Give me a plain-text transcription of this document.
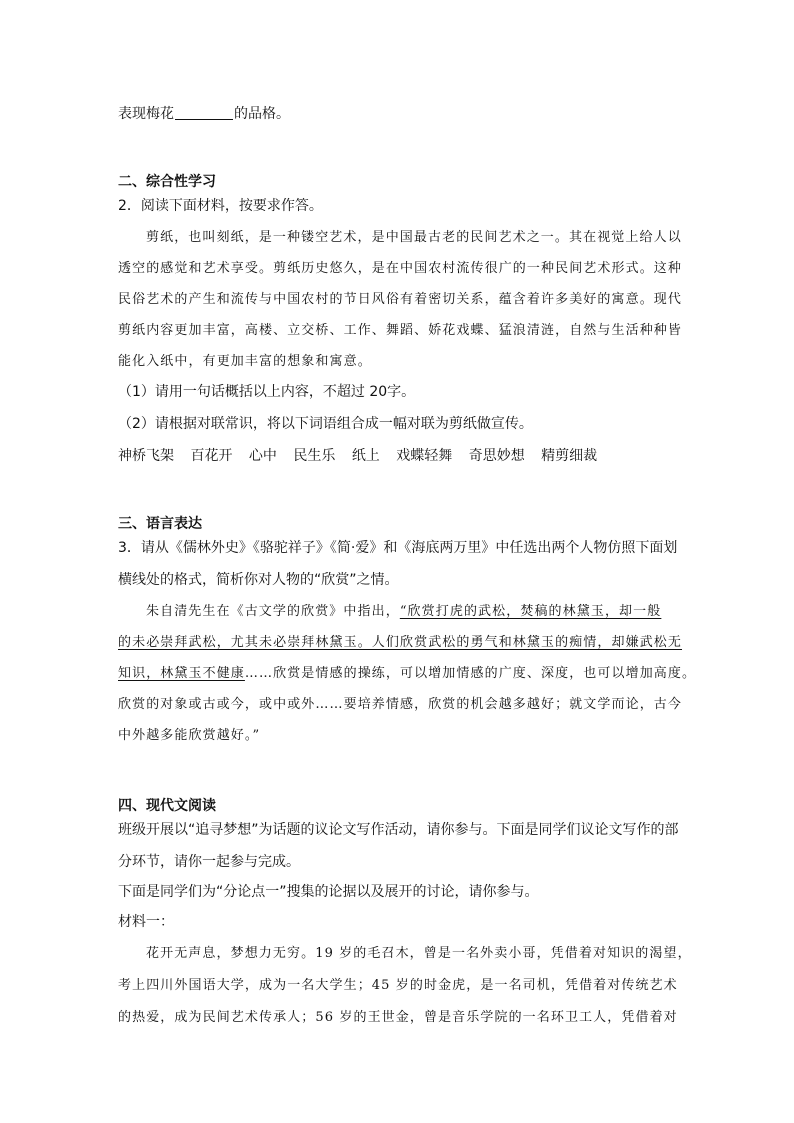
表现梅花	的品格。
二、综合性学习
2．阅读下面材料，按要求作答。
剪纸，也叫刻纸，是一种镂空艺术，是中国最古老的民间艺术之一。其在视觉上给人以
透空的感觉和艺术享受。剪纸历史悠久，是在中国农村流传很广的一种民间艺术形式。这种
民俗艺术的产生和流传与中国农村的节日风俗有着密切关系，蕴含着许多美好的寓意。现代
剪纸内容更加丰富，高楼、立交桥、工作、舞蹈、娇花戏蝶、猛浪清涟，自然与生活种种皆
能化入纸中，有更加丰富的想象和寓意。
（1）请用一句话概括以上内容，不超过 20字。
（2）请根据对联常识，将以下词语组合成一幅对联为剪纸做宣传。
神桥飞架 百花开 心中 民生乐 纸上 戏蝶轻舞 奇思妙想 精剪细裁
三、语言表达
3．请从《儒林外史》《骆驼祥子》《简·爱》和《海底两万里》中任选出两个人物仿照下面划
横线处的格式，简析你对人物的“欣赏”之情。
朱自清先生在《古文学的欣赏》中指出，“欣赏打虎的武松，焚稿的林黛玉，却一般
的未必崇拜武松，尤其未必崇拜林黛玉。人们欣赏武松的勇气和林黛玉的痴情，却嫌武松无
知识，林黛玉不健康……欣赏是情感的操练，可以增加情感的广度、深度，也可以增加高度。
欣赏的对象或古或今，或中或外……要培养情感，欣赏的机会越多越好；就文学而论，古今
中外越多能欣赏越好。”
四、现代文阅读
班级开展以“追寻梦想”为话题的议论文写作活动，请你参与。下面是同学们议论文写作的部
分环节，请你一起参与完成。
下面是同学们为“分论点一”搜集的论据以及展开的讨论，请你参与。
材料一：
花开无声息，梦想力无穷。19 岁的毛召木，曾是一名外卖小哥，凭借着对知识的渴望，
考上四川外国语大学，成为一名大学生；45 岁的时金虎，是一名司机，凭借着对传统艺术
的热爱，成为民间艺术传承人；56 岁的王世金，曾是音乐学院的一名环卫工人，凭借着对
